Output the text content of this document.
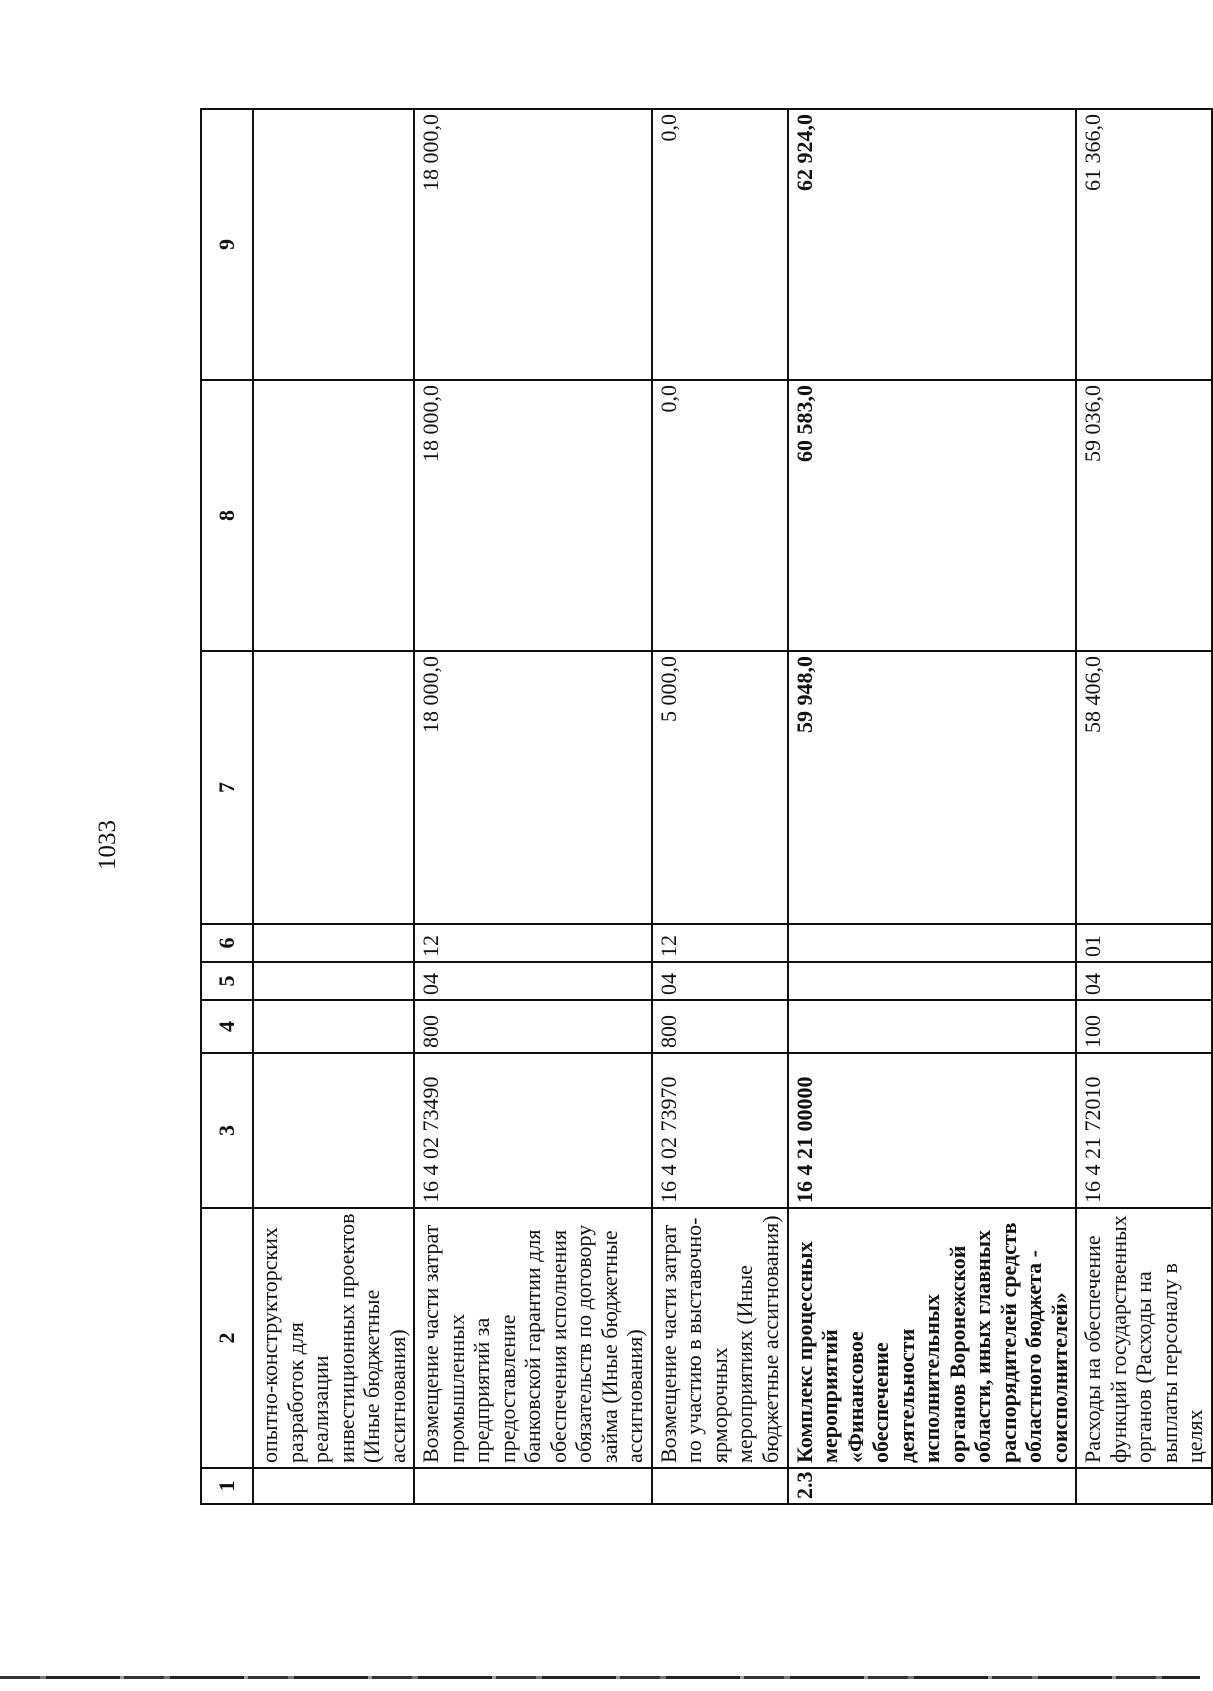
1033
1	2	3	4	5	6	7	8	9
	опытно-конструкторских разработок для реализации инвестиционных проектов (Иные бюджетные ассигнования)							
	Возмещение части затрат промышленных предприятий за предоставление банковской гарантии для обеспечения исполнения обязательств по договору займа (Иные бюджетные ассигнования)	16 4 02 73490	800	04	12	18 000,0	18 000,0	18 000,0
	Возмещение части затрат по участию в выставочно-ярморочных мероприятиях (Иные бюджетные ассигнования)	16 4 02 73970	800	04	12	5 000,0	0,0	0,0
2.3	Комплекс процессных мероприятий «Финансовое обеспечение деятельности исполнительных органов Воронежской области, иных главных распорядителей средств областного бюджета - соисполнителей»	16 4 21 00000				59 948,0	60 583,0	62 924,0
	Расходы на обеспечение функций государственных органов (Расходы на выплаты персоналу в целях	16 4 21 72010	100	04	01	58 406,0	59 036,0	61 366,0
